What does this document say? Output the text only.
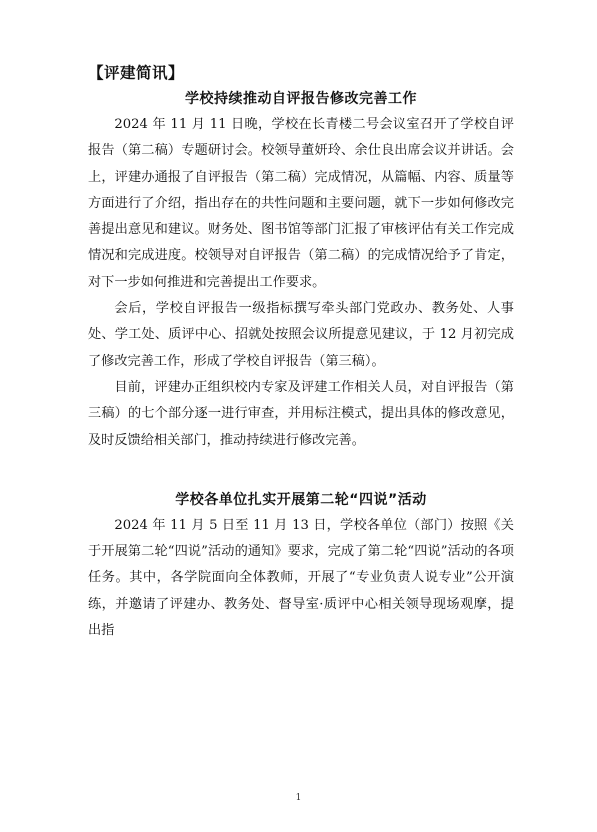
【评建简讯】

学校持续推动自评报告修改完善工作

2024 年 11 月 11 日晚，学校在长青楼二号会议室召开了学校自评报告（第二稿）专题研讨会。校领导董妍玲、余仕良出席会议并讲话。会上，评建办通报了自评报告（第二稿）完成情况，从篇幅、内容、质量等方面进行了介绍，指出存在的共性问题和主要问题，就下一步如何修改完善提出意见和建议。财务处、图书馆等部门汇报了审核评估有关工作完成情况和完成进度。校领导对自评报告（第二稿）的完成情况给予了肯定，对下一步如何推进和完善提出工作要求。

会后，学校自评报告一级指标撰写牵头部门党政办、教务处、人事处、学工处、质评中心、招就处按照会议所提意见建议，于 12 月初完成了修改完善工作，形成了学校自评报告（第三稿）。

目前，评建办正组织校内专家及评建工作相关人员，对自评报告（第三稿）的七个部分逐一进行审查，并用标注模式，提出具体的修改意见，及时反馈给相关部门，推动持续进行修改完善。

学校各单位扎实开展第二轮“四说”活动

2024 年 11 月 5 日至 11 月 13 日，学校各单位（部门）按照《关于开展第二轮“四说”活动的通知》要求，完成了第二轮“四说”活动的各项任务。其中，各学院面向全体教师，开展了“专业负责人说专业”公开演练，并邀请了评建办、教务处、督导室·质评中心相关领导现场观摩，提出指

1
